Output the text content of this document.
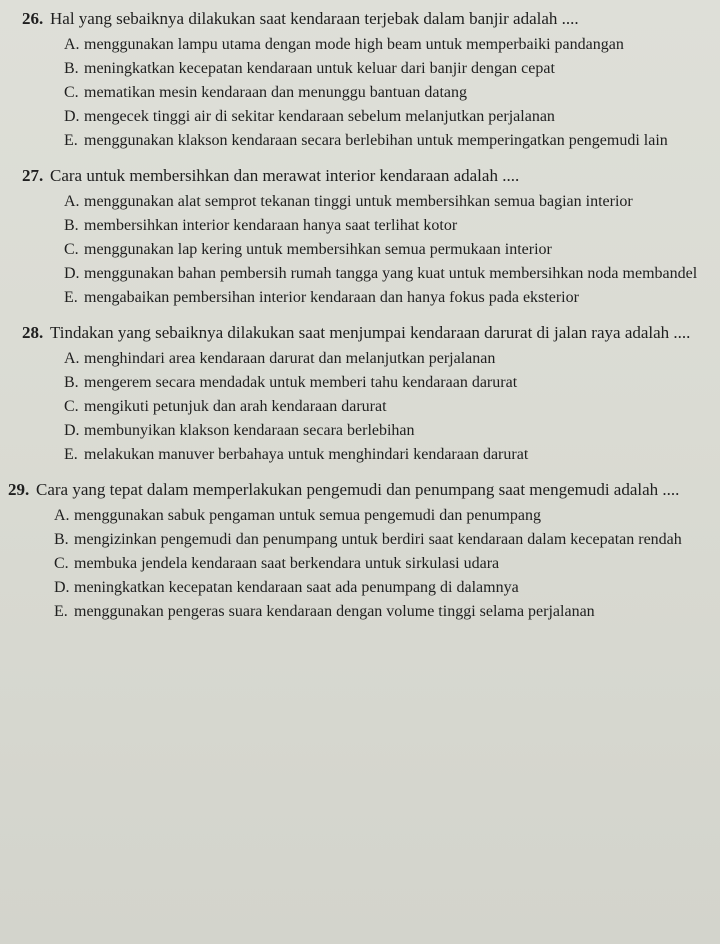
26. Hal yang sebaiknya dilakukan saat kendaraan terjebak dalam banjir adalah ....
A. menggunakan lampu utama dengan mode high beam untuk memperbaiki pandangan
B. meningkatkan kecepatan kendaraan untuk keluar dari banjir dengan cepat
C. mematikan mesin kendaraan dan menunggu bantuan datang
D. mengecek tinggi air di sekitar kendaraan sebelum melanjutkan perjalanan
E. menggunakan klakson kendaraan secara berlebihan untuk memperingatkan pengemudi lain
27. Cara untuk membersihkan dan merawat interior kendaraan adalah ....
A. menggunakan alat semprot tekanan tinggi untuk membersihkan semua bagian interior
B. membersihkan interior kendaraan hanya saat terlihat kotor
C. menggunakan lap kering untuk membersihkan semua permukaan interior
D. menggunakan bahan pembersih rumah tangga yang kuat untuk membersihkan noda membandel
E. mengabaikan pembersihan interior kendaraan dan hanya fokus pada eksterior
28. Tindakan yang sebaiknya dilakukan saat menjumpai kendaraan darurat di jalan raya adalah ....
A. menghindari area kendaraan darurat dan melanjutkan perjalanan
B. mengerem secara mendadak untuk memberi tahu kendaraan darurat
C. mengikuti petunjuk dan arah kendaraan darurat
D. membunyikan klakson kendaraan secara berlebihan
E. melakukan manuver berbahaya untuk menghindari kendaraan darurat
29. Cara yang tepat dalam memperlakukan pengemudi dan penumpang saat mengemudi adalah ....
A. menggunakan sabuk pengaman untuk semua pengemudi dan penumpang
B. mengizinkan pengemudi dan penumpang untuk berdiri saat kendaraan dalam kecepatan rendah
C. membuka jendela kendaraan saat berkendara untuk sirkulasi udara
D. meningkatkan kecepatan kendaraan saat ada penumpang di dalamnya
E. menggunakan pengeras suara kendaraan dengan volume tinggi selama perjalanan
